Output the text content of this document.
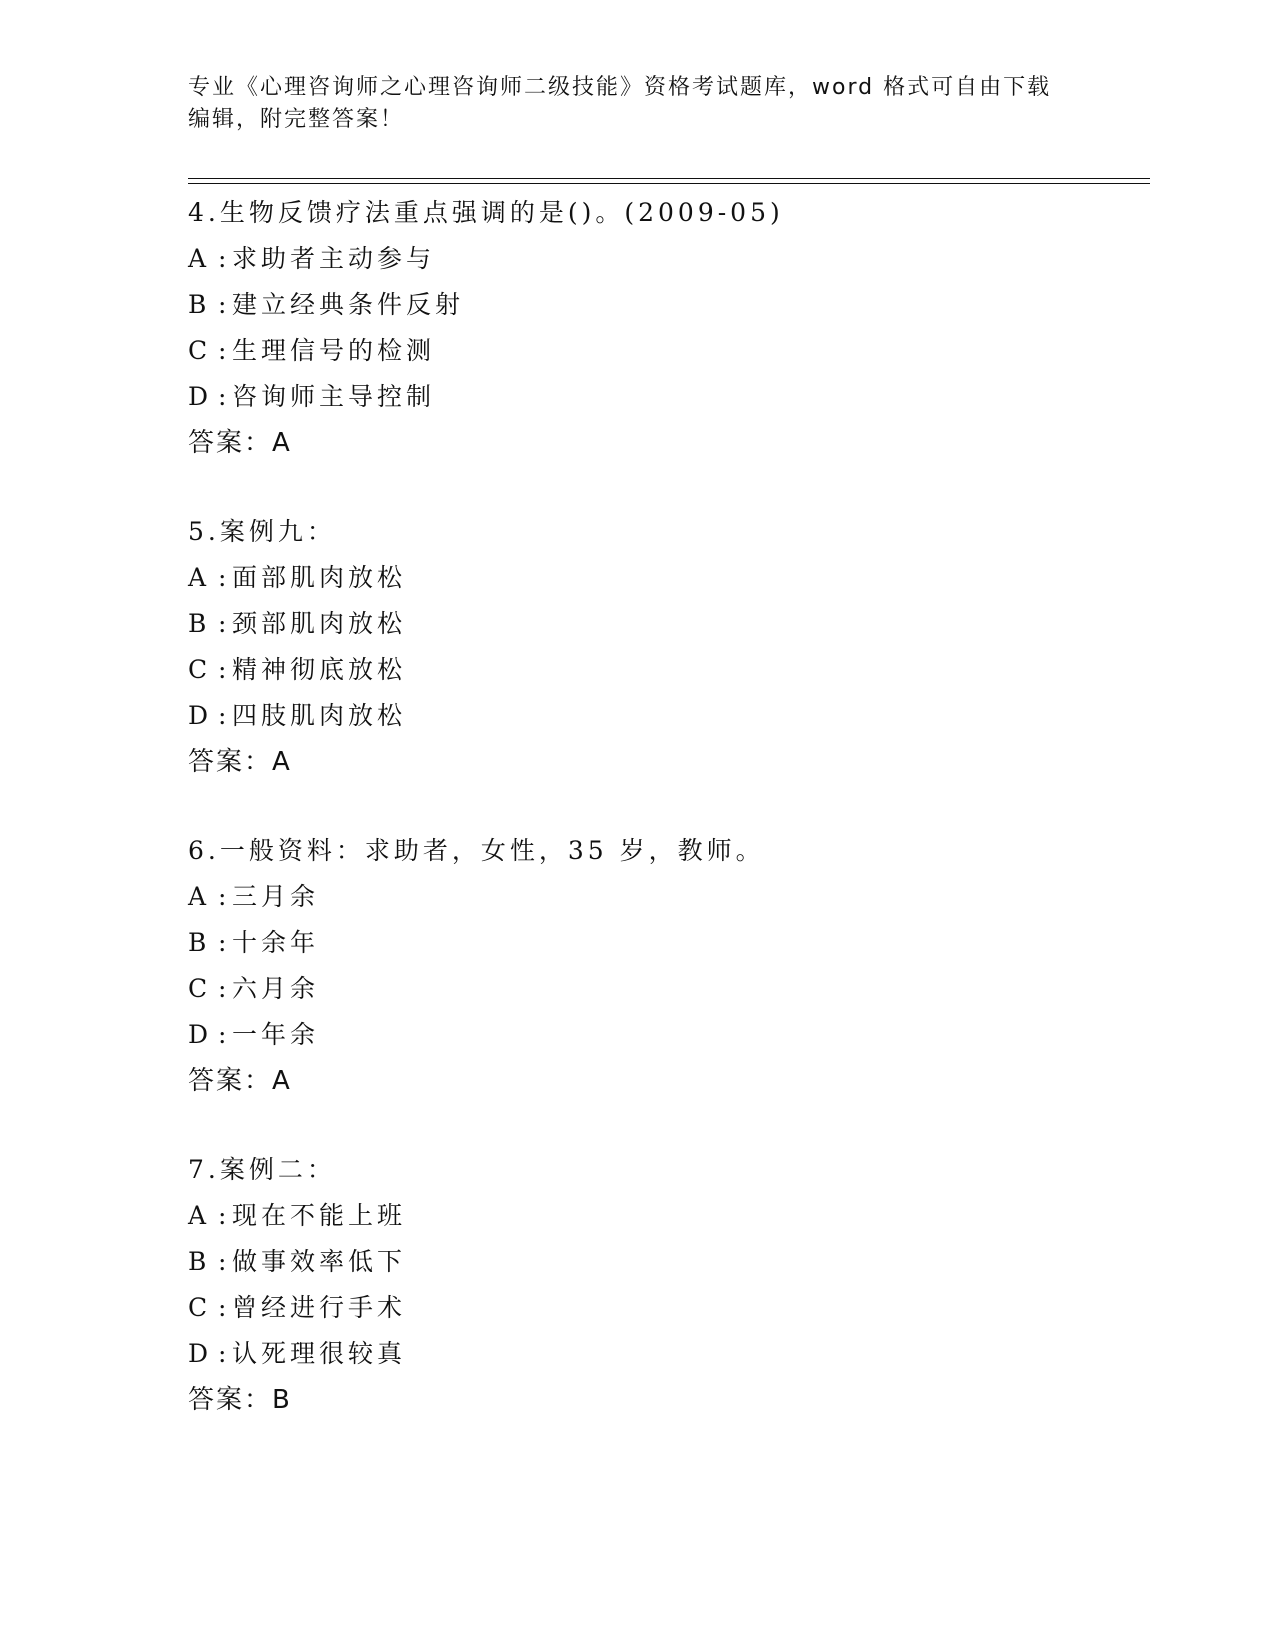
专业《心理咨询师之心理咨询师二级技能》资格考试题库，word 格式可自由下载
编辑，附完整答案！
4.生物反馈疗法重点强调的是()。(2009-05)
A : 求助者主动参与
B : 建立经典条件反射
C : 生理信号的检测
D : 咨询师主导控制
答案：A
5.案例九：
A : 面部肌肉放松
B : 颈部肌肉放松
C : 精神彻底放松
D : 四肢肌肉放松
答案：A
6.一般资料：求助者，女性，35 岁，教师。
A : 三月余
B : 十余年
C : 六月余
D : 一年余
答案：A
7.案例二：
A : 现在不能上班
B : 做事效率低下
C : 曾经进行手术
D : 认死理很较真
答案：B
